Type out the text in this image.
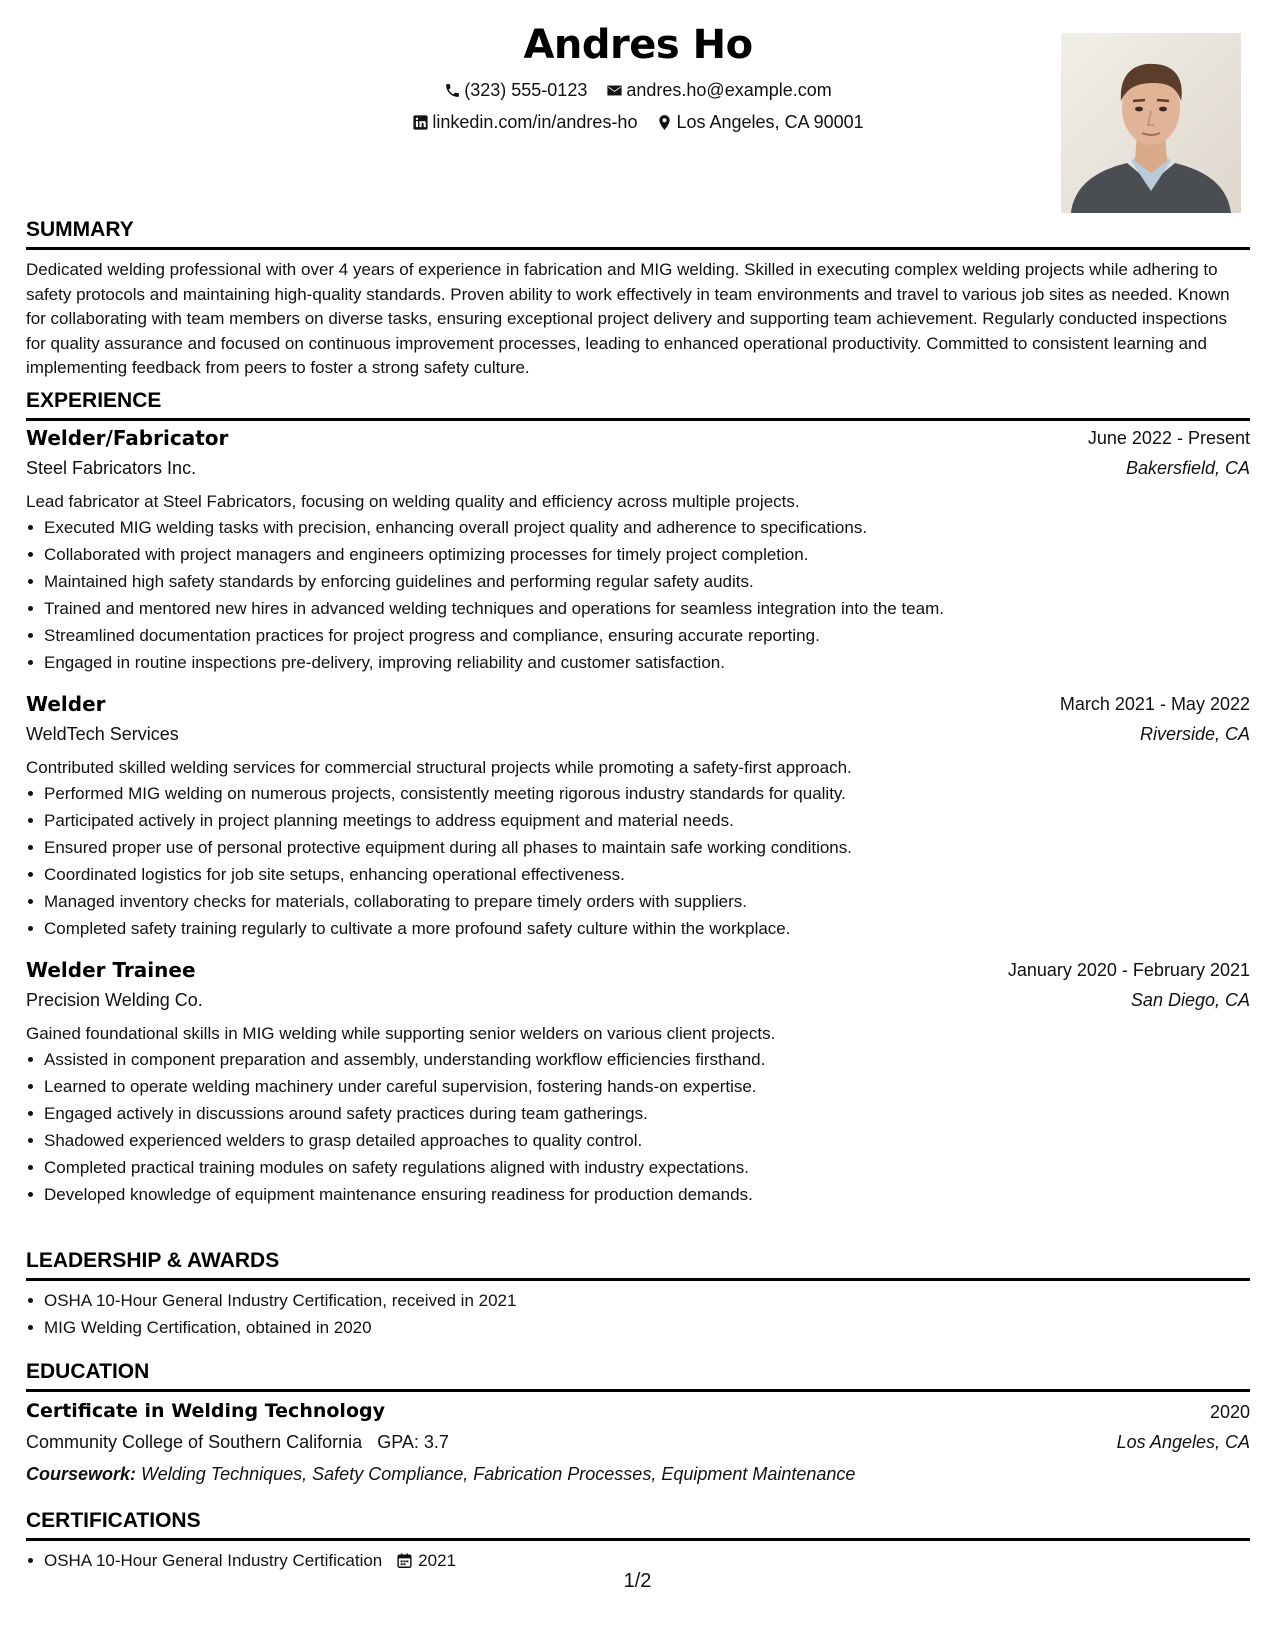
Andres Ho
(323) 555-0123 andres.ho@example.com
linkedin.com/in/andres-ho Los Angeles, CA 90001
SUMMARY

Dedicated welding professional with over 4 years of experience in fabrication and MIG welding. Skilled in executing complex welding projects while adhering to safety protocols and maintaining high-quality standards. Proven ability to work effectively in team environments and travel to various job sites as needed. Known for collaborating with team members on diverse tasks, ensuring exceptional project delivery and supporting team achievement. Regularly conducted inspections for quality assurance and focused on continuous improvement processes, leading to enhanced operational productivity. Committed to consistent learning and implementing feedback from peers to foster a strong safety culture.

EXPERIENCE
Welder/Fabricator	June 2022 - Present
Steel Fabricators Inc.	Bakersfield, CA

Lead fabricator at Steel Fabricators, focusing on welding quality and efficiency across multiple projects.

Executed MIG welding tasks with precision, enhancing overall project quality and adherence to specifications.
Collaborated with project managers and engineers optimizing processes for timely project completion.
Maintained high safety standards by enforcing guidelines and performing regular safety audits.
Trained and mentored new hires in advanced welding techniques and operations for seamless integration into the team.
Streamlined documentation practices for project progress and compliance, ensuring accurate reporting.
Engaged in routine inspections pre-delivery, improving reliability and customer satisfaction.
Welder	March 2021 - May 2022
WeldTech Services	Riverside, CA

Contributed skilled welding services for commercial structural projects while promoting a safety-first approach.

Performed MIG welding on numerous projects, consistently meeting rigorous industry standards for quality.
Participated actively in project planning meetings to address equipment and material needs.
Ensured proper use of personal protective equipment during all phases to maintain safe working conditions.
Coordinated logistics for job site setups, enhancing operational effectiveness.
Managed inventory checks for materials, collaborating to prepare timely orders with suppliers.
Completed safety training regularly to cultivate a more profound safety culture within the workplace.
Welder Trainee	January 2020 - February 2021
Precision Welding Co.	San Diego, CA

Gained foundational skills in MIG welding while supporting senior welders on various client projects.

Assisted in component preparation and assembly, understanding workflow efficiencies firsthand.
Learned to operate welding machinery under careful supervision, fostering hands-on expertise.
Engaged actively in discussions around safety practices during team gatherings.
Shadowed experienced welders to grasp detailed approaches to quality control.
Completed practical training modules on safety regulations aligned with industry expectations.
Developed knowledge of equipment maintenance ensuring readiness for production demands.
LEADERSHIP & AWARDS
OSHA 10-Hour General Industry Certification, received in 2021
MIG Welding Certification, obtained in 2020
EDUCATION
Certificate in Welding Technology	2020
Community College of Southern California GPA: 3.7	Los Angeles, CA
Coursework: Welding Techniques, Safety Compliance, Fabrication Processes, Equipment Maintenance
CERTIFICATIONS
OSHA 10-Hour General Industry Certification 2021
1/2
